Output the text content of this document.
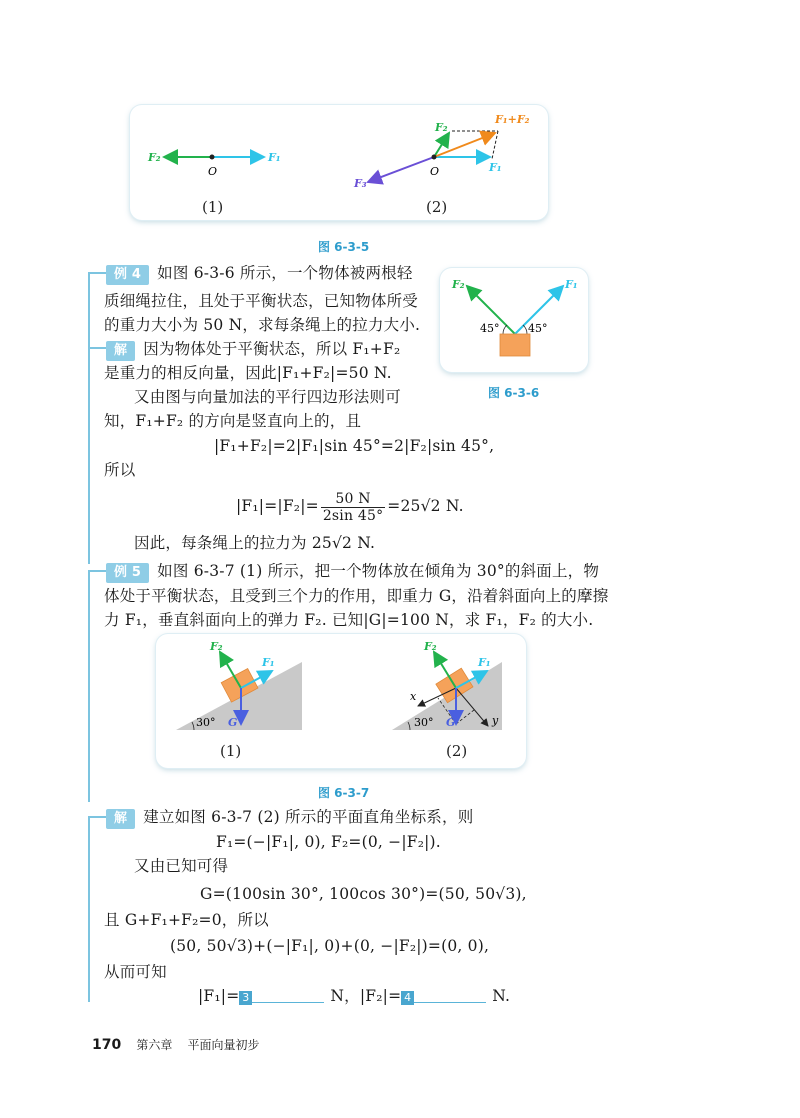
F₂	F₁
O
F₂
F₁+F₂
F₁
F₃
O
(1)	(2)
图 6-3-5
例 4 如图 6-3-6 所示，一个物体被两根轻
质细绳拉住，且处于平衡状态，已知物体所受
的重力大小为 50 N，求每条绳上的拉力大小.
解 因为物体处于平衡状态，所以 F₁+F₂
是重力的相反向量，因此|F₁+F₂|=50 N.
又由图与向量加法的平行四边形法则可
知，F₁+F₂ 的方向是竖直向上的，且
|F₁+F₂|=2|F₁|sin 45°=2|F₂|sin 45°,
所以
$|F_1|=|F_2|= \frac{50 N}{2\sin 45^\circ} =25√2$ N.
因此，每条绳上的拉力为 25√2 N.
F₂	F₁
45°	45°
图 6-3-6
例 5 如图 6-3-7 (1) 所示，把一个物体放在倾角为 30°的斜面上，物
体处于平衡状态，且受到三个力的作用，即重力 G，沿着斜面向上的摩擦
力 F₁，垂直斜面向上的弹力 F₂. 已知|G|=100 N，求 F₁，F₂ 的大小.
F₂
F₁
G
30°
F₂
F₁
G
x
y
30°
(1)	(2)
图 6-3-7
解 建立如图 6-3-7 (2) 所示的平面直角坐标系，则
F₁=(−|F₁|, 0), F₂=(0, −|F₂|).
又由已知可得
G=(100sin 30°, 100cos 30°)=(50, 50√3),
且 G+F₁+F₂=0，所以
(50, 50√3)+(−|F₁|, 0)+(0, −|F₂|)=(0, 0),
从而可知
|F₁|= 3	N，|F₂|= 4	N.
170 第六章 平面向量初步
